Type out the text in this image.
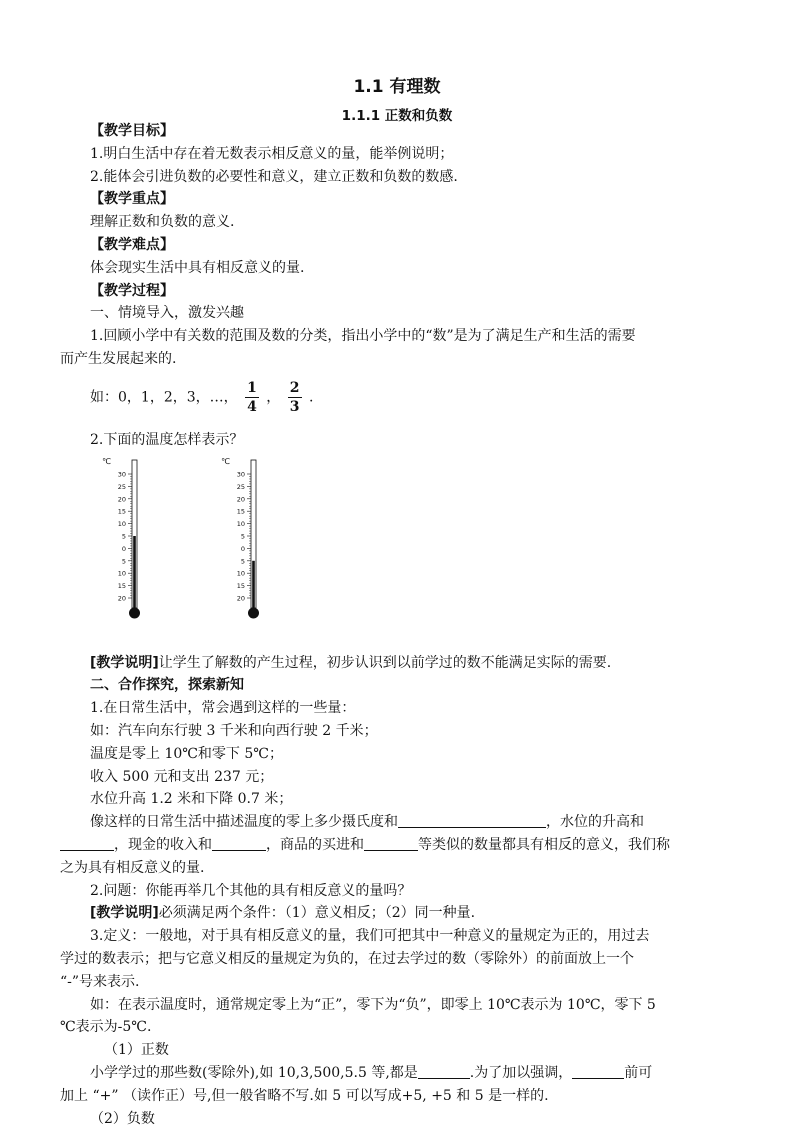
1.1 有理数
1.1.1 正数和负数

【教学目标】

1.明白生活中存在着无数表示相反意义的量，能举例说明；

2.能体会引进负数的必要性和意义，建立正数和负数的数感.

【教学重点】

理解正数和负数的意义.

【教学难点】

体会现实生活中具有相反意义的量.

【教学过程】

一、情境导入，激发兴趣

1.回顾小学中有关数的范围及数的分类，指出小学中的“数”是为了满足生产和生活的需要

而产生发展起来的.

如：0，1，2，3，…， $\frac{1}{4}$ ， $\frac{2}{3}$ .

2.下面的温度怎样表示？

℃
30
25
20
15
10
5
0
5
10
15
20
℃
30
25
20
15
10
5
0
5
10
15
20

[教学说明]让学生了解数的产生过程，初步认识到以前学过的数不能满足实际的需要.

二、合作探究，探索新知

1.在日常生活中，常会遇到这样的一些量：

如：汽车向东行驶 3 千米和向西行驶 2 千米；

温度是零上 10℃和零下 5℃；

收入 500 元和支出 237 元；

水位升高 1.2 米和下降 0.7 米；

像这样的日常生活中描述温度的零上多少摄氏度和	，水位的升高和

，现金的收入和	，商品的买进和	等类似的数量都具有相反的意义，我们称

之为具有相反意义的量.

2.问题：你能再举几个其他的具有相反意义的量吗？

[教学说明]必须满足两个条件：（1）意义相反；（2）同一种量.

3.定义：一般地，对于具有相反意义的量，我们可把其中一种意义的量规定为正的，用过去

学过的数表示；把与它意义相反的量规定为负的，在过去学过的数（零除外）的前面放上一个

“-”号来表示.

如：在表示温度时，通常规定零上为“正”，零下为“负”，即零上 10℃表示为 10℃，零下 5

℃表示为-5℃.

（1）正数

小学学过的那些数(零除外),如 10,3,500,5.5 等,都是	.为了加以强调，	前可

加上 “+” （读作正）号,但一般省略不写.如 5 可以写成+5, +5 和 5 是一样的.

（2）负数
